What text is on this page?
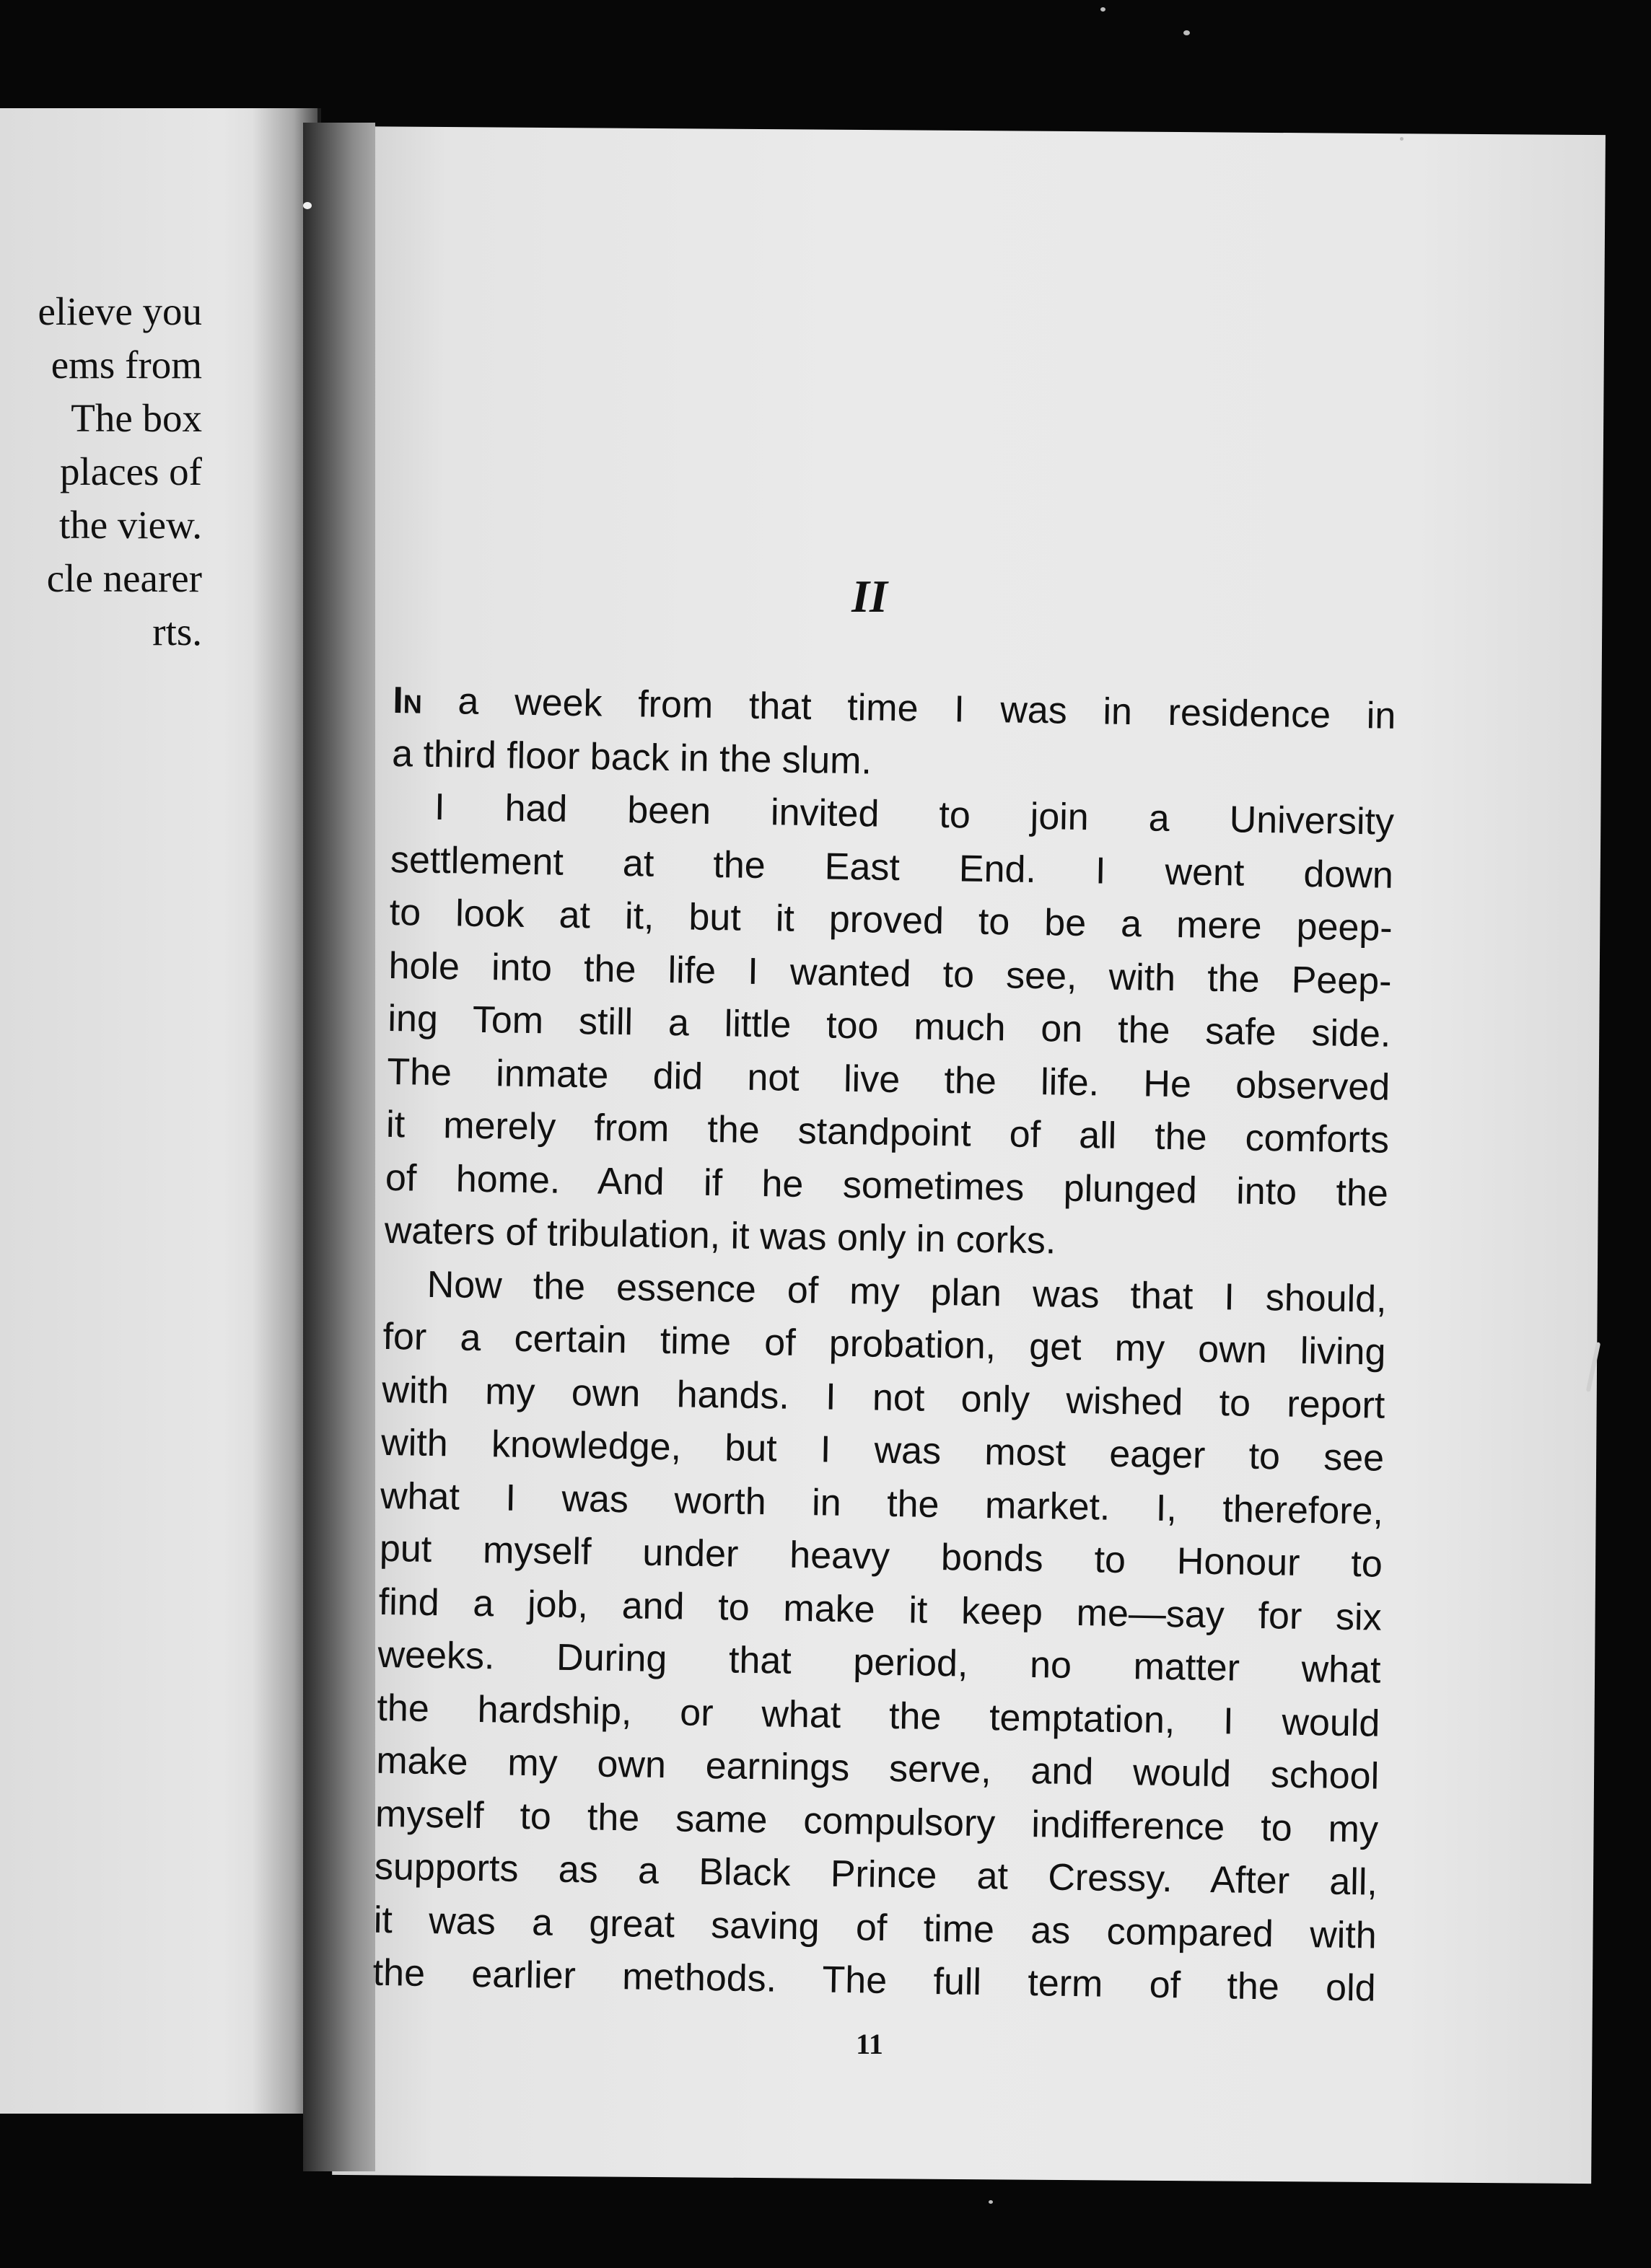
elieve you
ems from
The box
places of
the view.
cle nearer
rts.
II
In a week from that time I was in residence in
a third floor back in the slum.
I had been invited to join a University
settlement at the East End. I went down
to look at it, but it proved to be a mere peep-
hole into the life I wanted to see, with the Peep-
ing Tom still a little too much on the safe side.
The inmate did not live the life. He observed
it merely from the standpoint of all the comforts
of home. And if he sometimes plunged into the
waters of tribulation, it was only in corks.
Now the essence of my plan was that I should,
for a certain time of probation, get my own living
with my own hands. I not only wished to report
with knowledge, but I was most eager to see
what I was worth in the market. I, therefore,
put myself under heavy bonds to Honour to
find a job, and to make it keep me—say for six
weeks. During that period, no matter what
the hardship, or what the temptation, I would
make my own earnings serve, and would school
myself to the same compulsory indifference to my
supports as a Black Prince at Cressy. After all,
it was a great saving of time as compared with
the earlier methods. The full term of the old
11
